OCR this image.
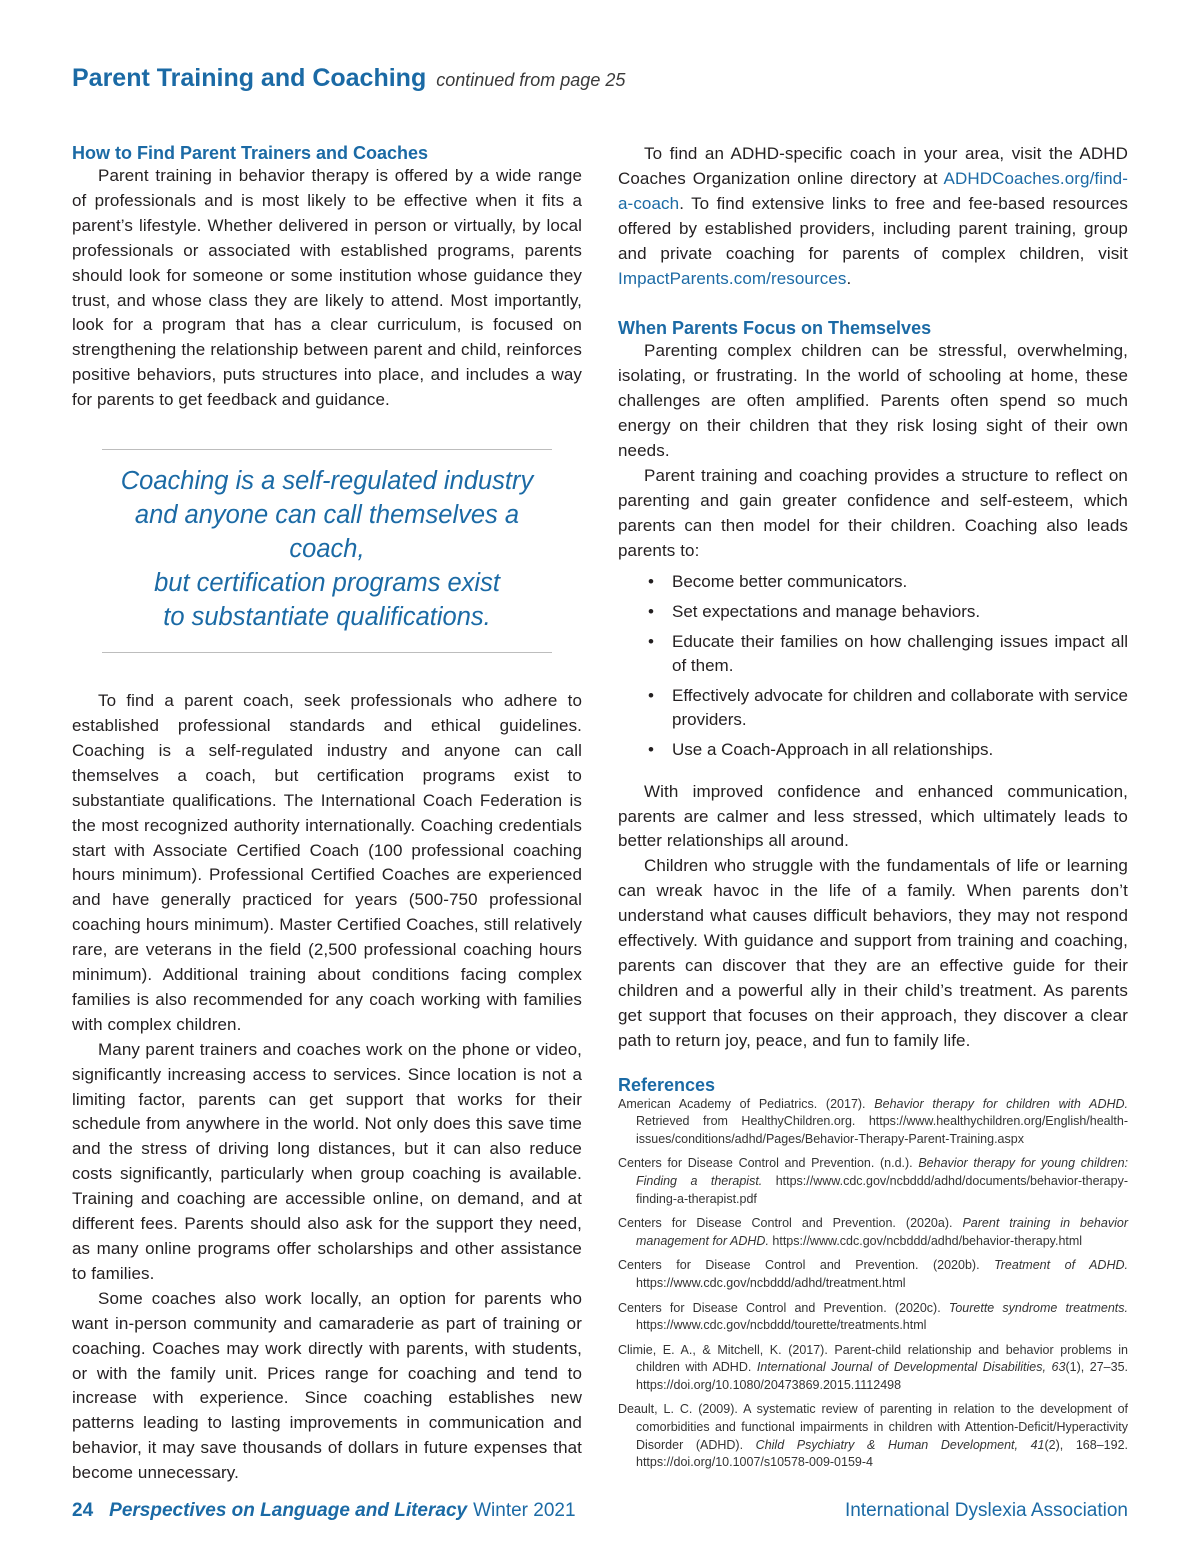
Parent Training and Coaching continued from page 25
How to Find Parent Trainers and Coaches

Parent training in behavior therapy is offered by a wide range of professionals and is most likely to be effective when it fits a parent’s lifestyle. Whether delivered in person or virtually, by local professionals or associated with established programs, parents should look for someone or some institution whose guidance they trust, and whose class they are likely to attend. Most importantly, look for a program that has a clear curriculum, is focused on strengthening the relationship between parent and child, reinforces positive behaviors, puts structures into place, and includes a way for parents to get feedback and guidance.

Coaching is a self-regulated industry
and anyone can call themselves a coach,
but certification programs exist
to substantiate qualifications.

To find a parent coach, seek professionals who adhere to established professional standards and ethical guidelines. Coaching is a self-regulated industry and anyone can call themselves a coach, but certification programs exist to substantiate qualifications. The International Coach Federation is the most recognized authority internationally. Coaching credentials start with Associate Certified Coach (100 professional coaching hours minimum). Professional Certified Coaches are experienced and have generally practiced for years (500-750 professional coaching hours minimum). Master Certified Coaches, still relatively rare, are veterans in the field (2,500 professional coaching hours minimum). Additional training about conditions facing complex families is also recommended for any coach working with families with complex children.

Many parent trainers and coaches work on the phone or video, significantly increasing access to services. Since location is not a limiting factor, parents can get support that works for their schedule from anywhere in the world. Not only does this save time and the stress of driving long distances, but it can also reduce costs significantly, particularly when group coaching is available. Training and coaching are accessible online, on demand, and at different fees. Parents should also ask for the support they need, as many online programs offer scholarships and other assistance to families.

Some coaches also work locally, an option for parents who want in-person community and camaraderie as part of training or coaching. Coaches may work directly with parents, with students, or with the family unit. Prices range for coaching and tend to increase with experience. Since coaching establishes new patterns leading to lasting improvements in communication and behavior, it may save thousands of dollars in future expenses that become unnecessary.

To find an ADHD-specific coach in your area, visit the ADHD Coaches Organization online directory at ADHDCoaches.org/find-a-coach. To find extensive links to free and fee-based resources offered by established providers, including parent training, group and private coaching for parents of complex children, visit ImpactParents.com/resources.

When Parents Focus on Themselves

Parenting complex children can be stressful, overwhelming, isolating, or frustrating. In the world of schooling at home, these challenges are often amplified. Parents often spend so much energy on their children that they risk losing sight of their own needs.

Parent training and coaching provides a structure to reflect on parenting and gain greater confidence and self-esteem, which parents can then model for their children. Coaching also leads parents to:

• Become better communicators.
• Set expectations and manage behaviors.
• Educate their families on how challenging issues impact all of them.
• Effectively advocate for children and collaborate with service providers.
• Use a Coach-Approach in all relationships.

With improved confidence and enhanced communication, parents are calmer and less stressed, which ultimately leads to better relationships all around.

Children who struggle with the fundamentals of life or learning can wreak havoc in the life of a family. When parents don’t understand what causes difficult behaviors, they may not respond effectively. With guidance and support from training and coaching, parents can discover that they are an effective guide for their children and a powerful ally in their child’s treatment. As parents get support that focuses on their approach, they discover a clear path to return joy, peace, and fun to family life.

References
American Academy of Pediatrics. (2017). Behavior therapy for children with ADHD. Retrieved from HealthyChildren.org. https://www.healthychildren.org/English/health-issues/conditions/adhd/Pages/Behavior-Therapy-Parent-Training.aspx
Centers for Disease Control and Prevention. (n.d.). Behavior therapy for young children: Finding a therapist. https://www.cdc.gov/ncbddd/adhd/documents/behavior-therapy-finding-a-therapist.pdf
Centers for Disease Control and Prevention. (2020a). Parent training in behavior management for ADHD. https://www.cdc.gov/ncbddd/adhd/behavior-therapy.html
Centers for Disease Control and Prevention. (2020b). Treatment of ADHD. https://www.cdc.gov/ncbddd/adhd/treatment.html
Centers for Disease Control and Prevention. (2020c). Tourette syndrome treatments. https://www.cdc.gov/ncbddd/tourette/treatments.html
Climie, E. A., & Mitchell, K. (2017). Parent-child relationship and behavior problems in children with ADHD. International Journal of Developmental Disabilities, 63(1), 27–35. https://doi.org/10.1080/20473869.2015.1112498
Deault, L. C. (2009). A systematic review of parenting in relation to the development of comorbidities and functional impairments in children with Attention-Deficit/Hyperactivity Disorder (ADHD). Child Psychiatry & Human Development, 41(2), 168–192. https://doi.org/10.1007/s10578-009-0159-4
24 Perspectives on Language and Literacy Winter 2021	International Dyslexia Association
